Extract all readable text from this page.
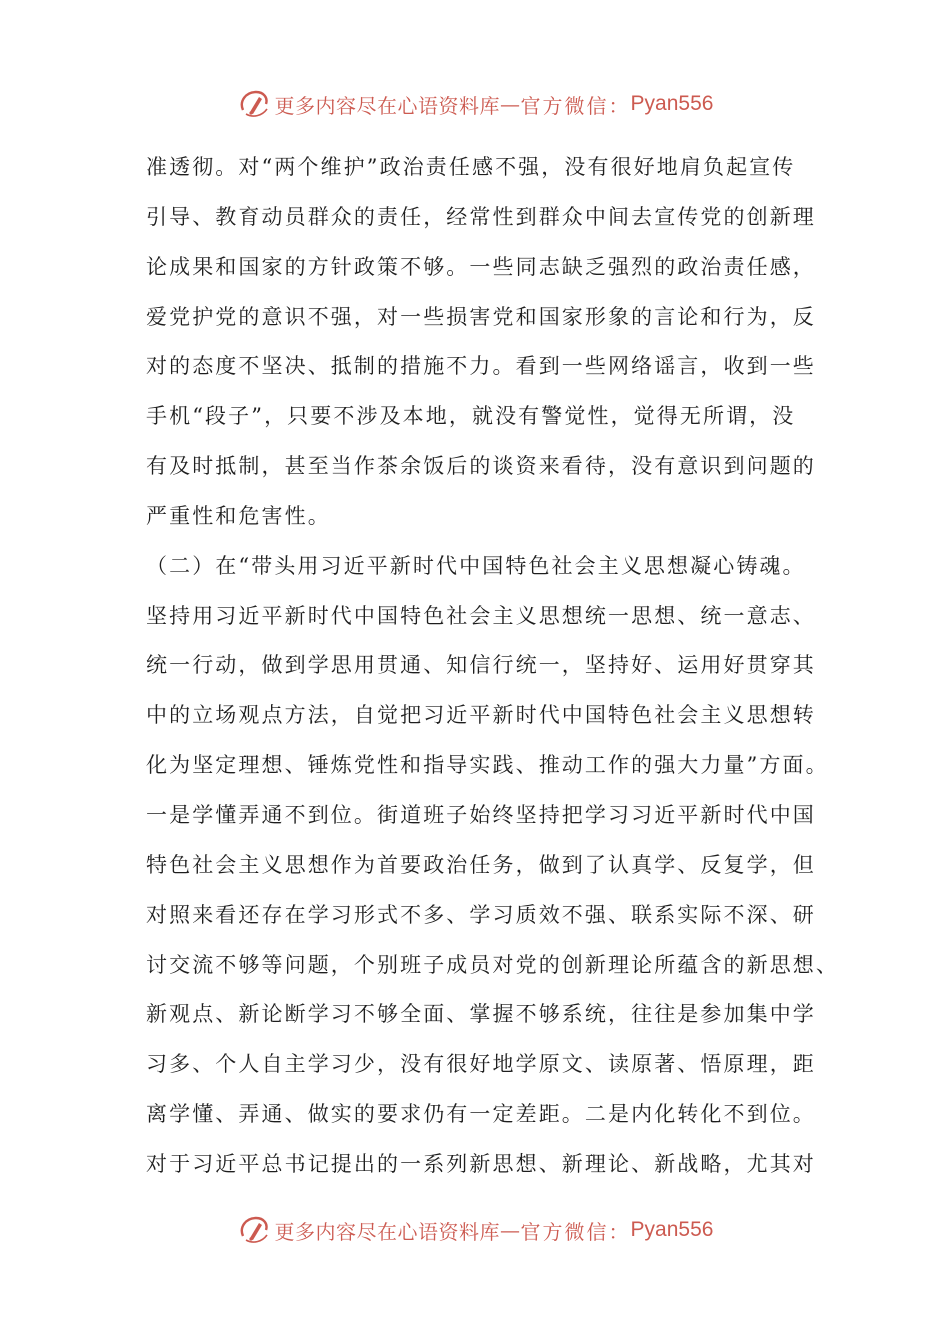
更多内容尽在心语资料库 — 官方微信： Pyan556
准透彻。对“两个维护”政治责任感不强，没有很好地肩负起宣传
引导、教育动员群众的责任，经常性到群众中间去宣传党的创新理
论成果和国家的方针政策不够。一些同志缺乏强烈的政治责任感，
爱党护党的意识不强，对一些损害党和国家形象的言论和行为，反
对的态度不坚决、抵制的措施不力。看到一些网络谣言，收到一些
手机“段子”，只要不涉及本地，就没有警觉性，觉得无所谓，没
有及时抵制，甚至当作茶余饭后的谈资来看待，没有意识到问题的
严重性和危害性。
（二）在“带头用习近平新时代中国特色社会主义思想凝心铸魂。
坚持用习近平新时代中国特色社会主义思想统一思想、统一意志、
统一行动，做到学思用贯通、知信行统一，坚持好、运用好贯穿其
中的立场观点方法，自觉把习近平新时代中国特色社会主义思想转
化为坚定理想、锤炼党性和指导实践、推动工作的强大力量”方面。
一是学懂弄通不到位。街道班子始终坚持把学习习近平新时代中国
特色社会主义思想作为首要政治任务，做到了认真学、反复学，但
对照来看还存在学习形式不多、学习质效不强、联系实际不深、研
讨交流不够等问题，个别班子成员对党的创新理论所蕴含的新思想、
新观点、新论断学习不够全面、掌握不够系统，往往是参加集中学
习多、个人自主学习少，没有很好地学原文、读原著、悟原理，距
离学懂、弄通、做实的要求仍有一定差距。二是内化转化不到位。
对于习近平总书记提出的一系列新思想、新理论、新战略，尤其对
更多内容尽在心语资料库 — 官方微信： Pyan556
